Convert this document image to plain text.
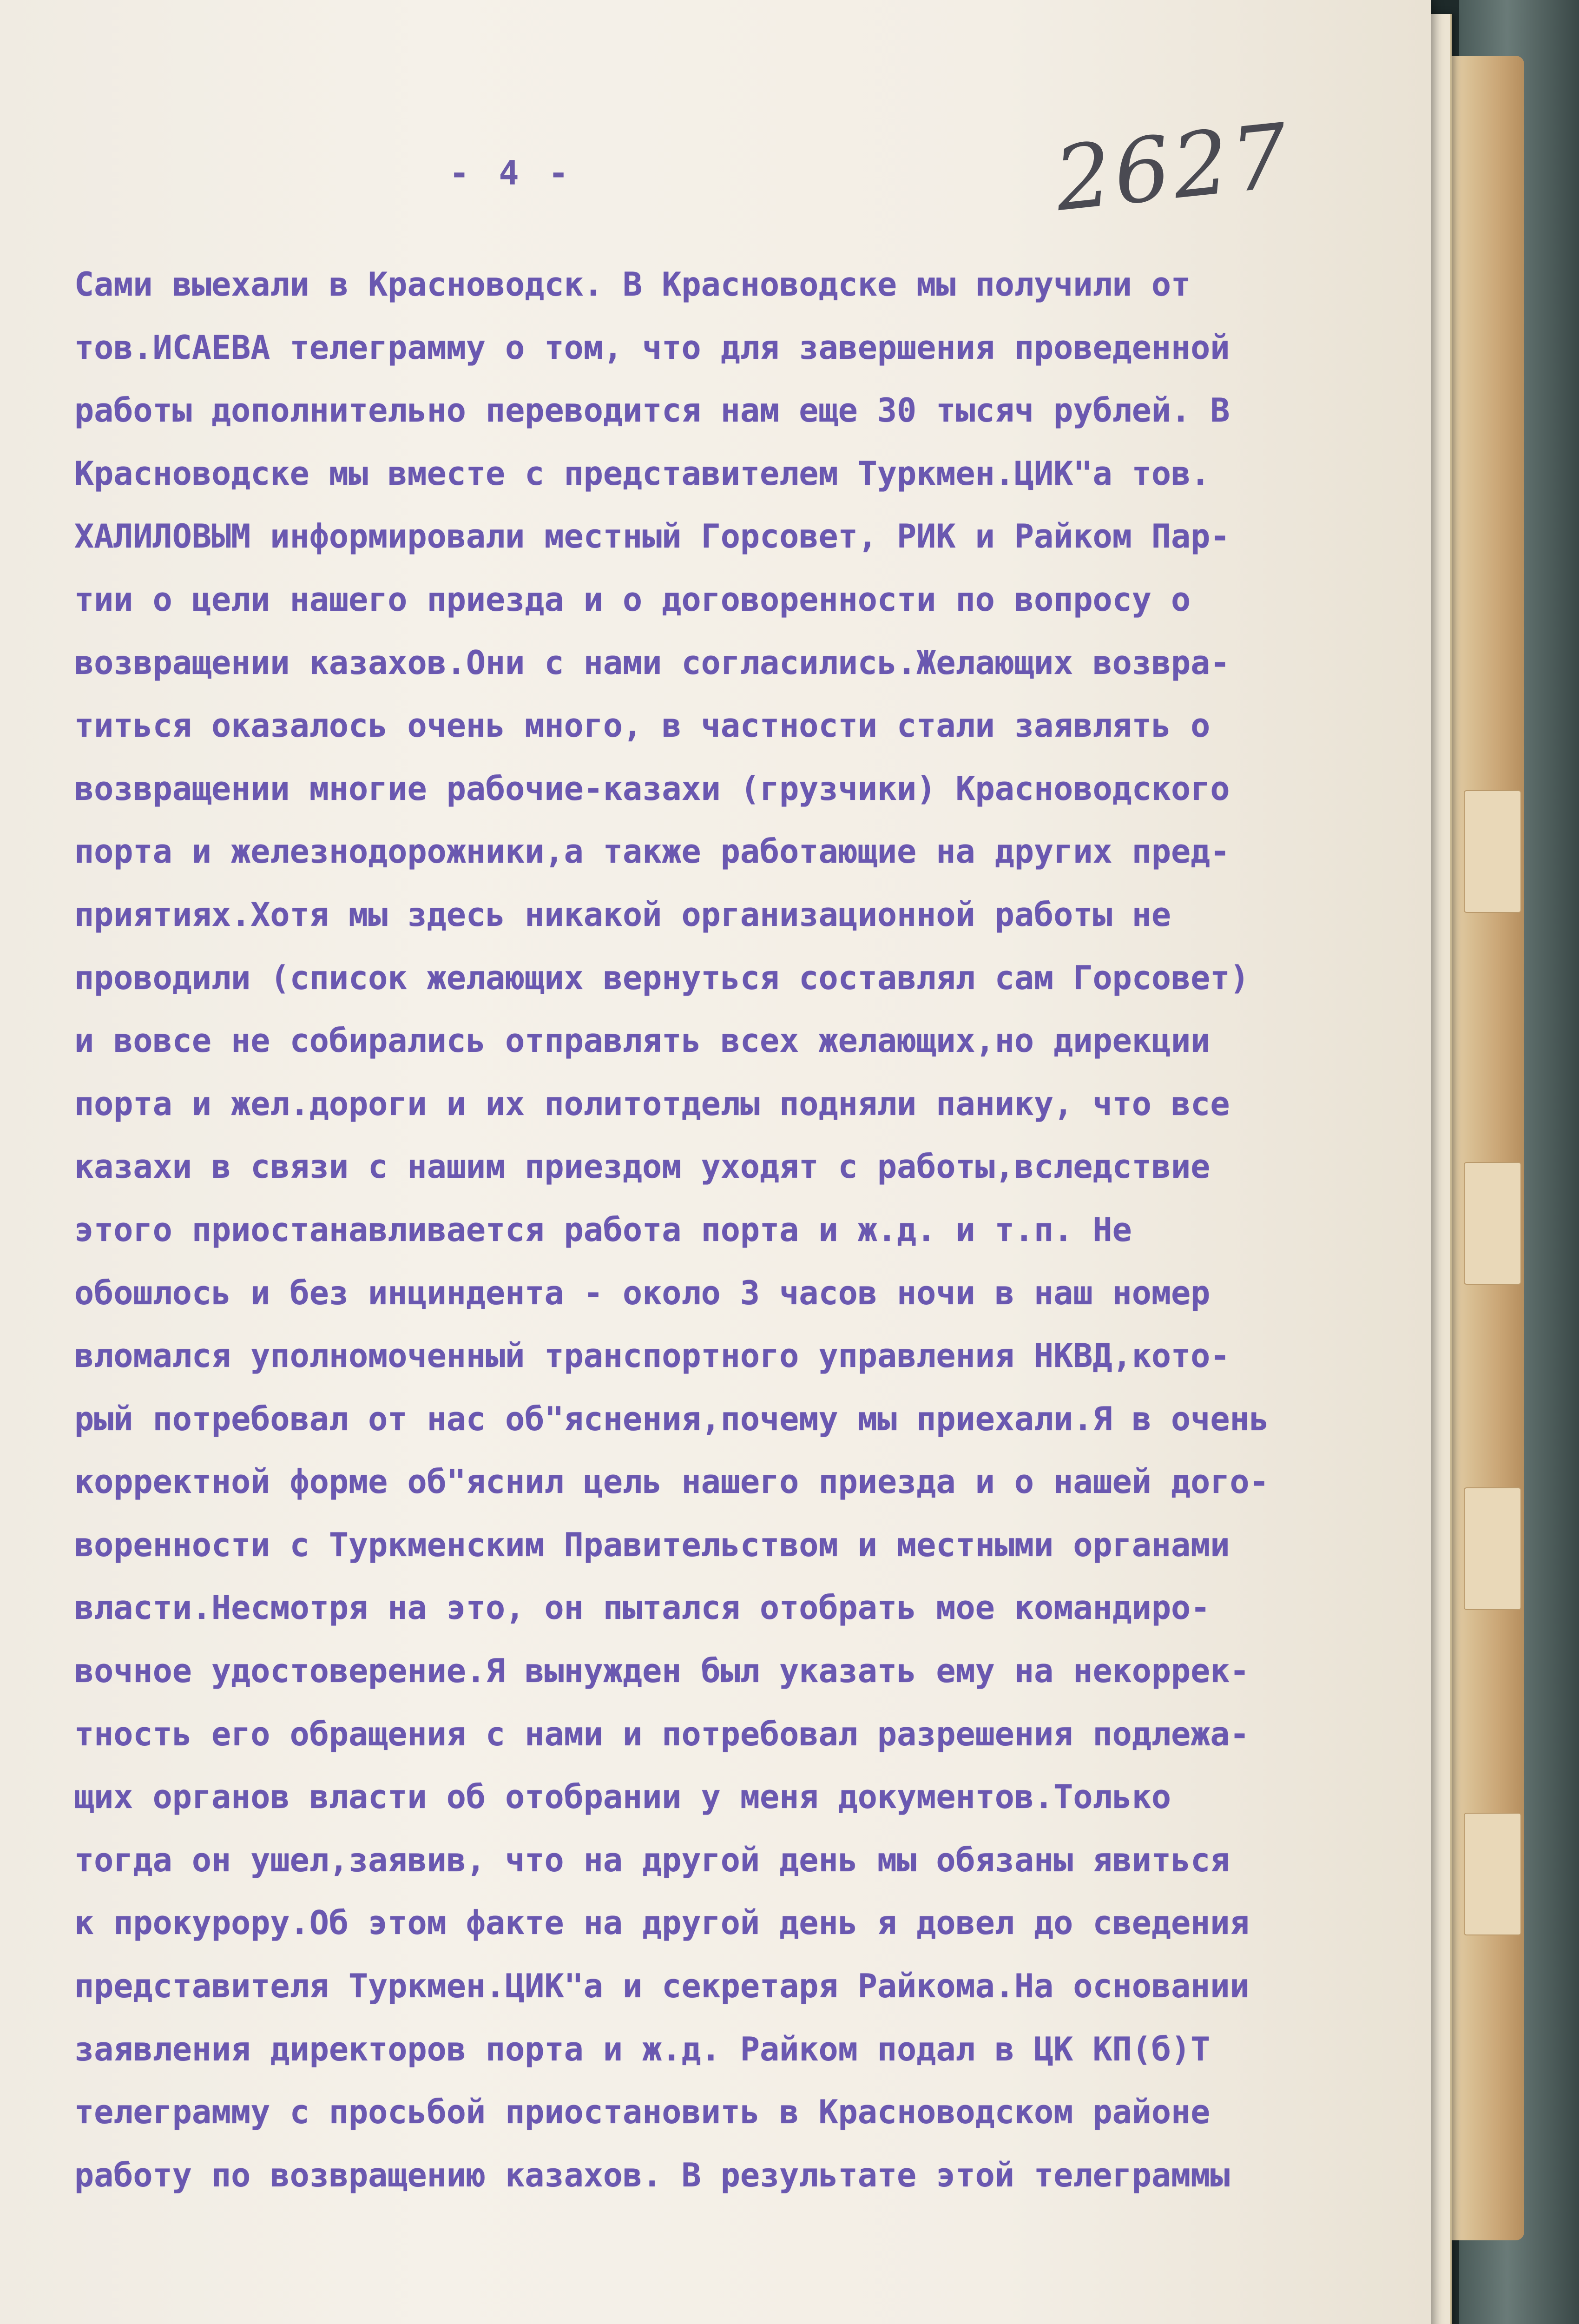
- 4 -	2627
Сами выехали в Красноводск. В Красноводске мы получили от
тов.ИСАЕВА телеграмму о том, что для завершения проведенной
работы дополнительно переводится нам еще 30 тысяч рублей. В
Красноводске мы вместе с представителем Туркмен.ЦИК"а тов.
ХАЛИЛОВЫМ информировали местный Горсовет, РИК и Райком Пар-
тии о цели нашего приезда и о договоренности по вопросу о
возвращении казахов.Они с нами согласились.Желающих возвра-
титься оказалось очень много, в частности стали заявлять о
возвращении многие рабочие-казахи (грузчики) Красноводского
порта и железнодорожники,а также работающие на других пред-
приятиях.Хотя мы здесь никакой организационной работы не
проводили (список желающих вернуться составлял сам Горсовет)
и вовсе не собирались отправлять всех желающих,но дирекции
порта и жел.дороги и их политотделы подняли панику, что все
казахи в связи с нашим приездом уходят с работы,вследствие
этого приостанавливается работа порта и ж.д. и т.п. Не
обошлось и без инциндента - около 3 часов ночи в наш номер
вломался уполномоченный транспортного управления НКВД,кото-
рый потребовал от нас об"яснения,почему мы приехали.Я в очень
корректной форме об"яснил цель нашего приезда и о нашей дого-
воренности с Туркменским Правительством и местными органами
власти.Несмотря на это, он пытался отобрать мое командиро-
вочное удостоверение.Я вынужден был указать ему на некоррек-
тность его обращения с нами и потребовал разрешения подлежа-
щих органов власти об отобрании у меня документов.Только
тогда он ушел,заявив, что на другой день мы обязаны явиться
к прокурору.Об этом факте на другой день я довел до сведения
представителя Туркмен.ЦИК"а и секретаря Райкома.На основании
заявления директоров порта и ж.д. Райком подал в ЦК КП(б)Т
телеграмму с просьбой приостановить в Красноводском районе
работу по возвращению казахов. В результате этой телеграммы
